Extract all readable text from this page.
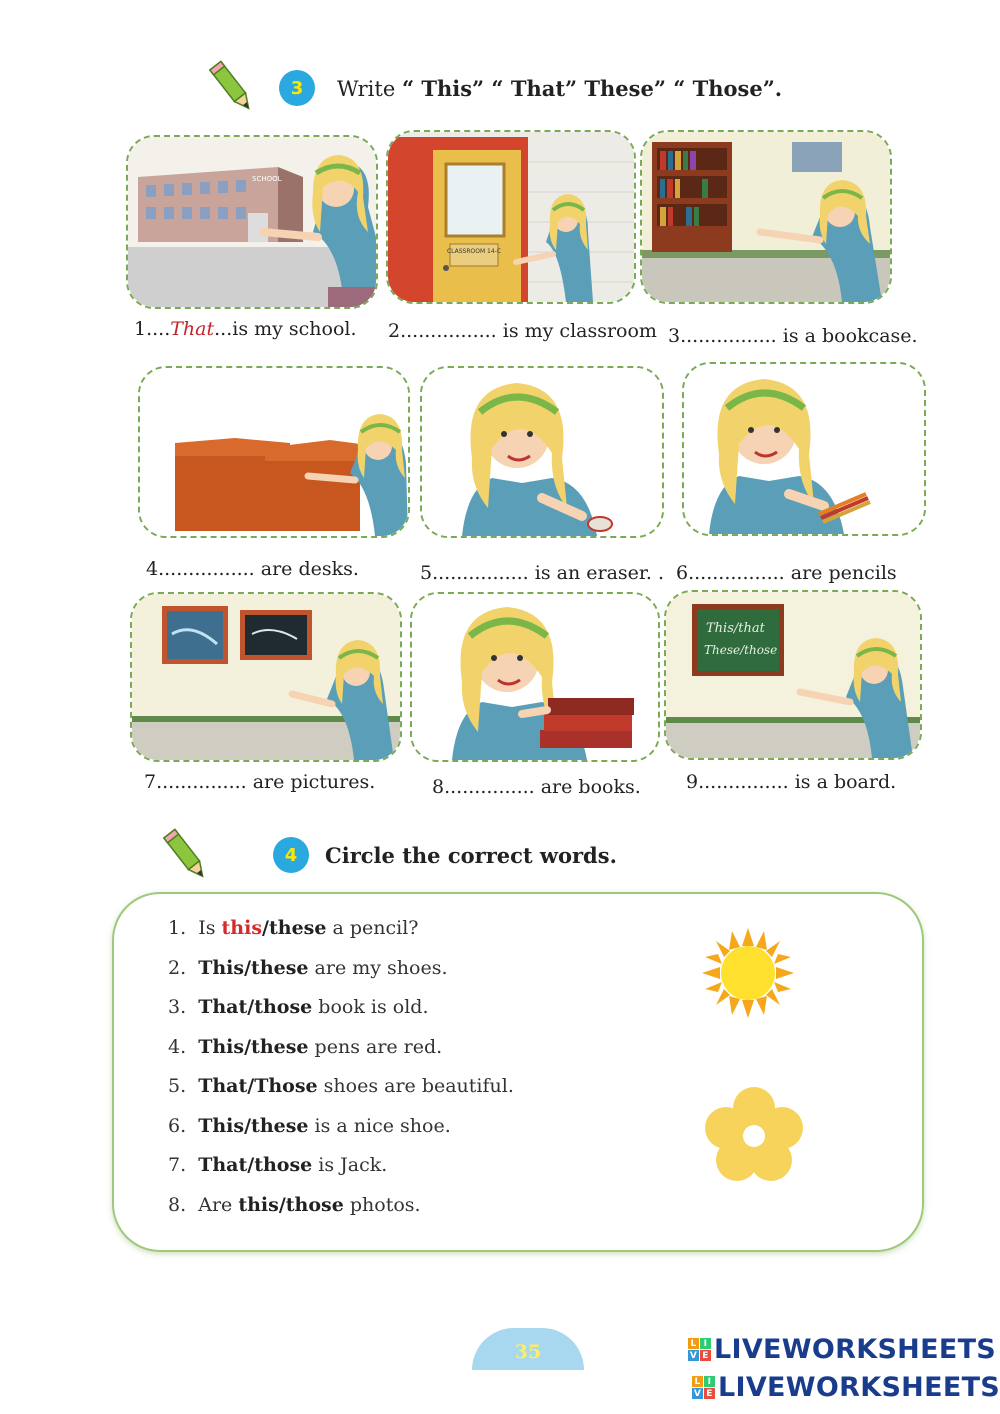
3	Write “ This” “ That” These” “ Those”.
SCHOOL
CLASSROOM 14-C
1....That...is my school. 2................ is my classroom 3................ is a bookcase.
4................ are desks.	5................ is an eraser. . 6................ are pencils
This/that
These/those
7............... are pictures.	8............... are books. 9............... is a board.
4	Circle the correct words.
1. Is this/these a pencil?
2. This/these are my shoes.
3. That/those book is old.
4. This/these pens are red.
5. That/Those shoes are beautiful.
6. This/these is a nice shoe.
7. That/those is Jack.
8. Are this/those photos.
35	L I
V E LIVEWORKSHEETS
L I
V E LIVEWORKSHEETS
